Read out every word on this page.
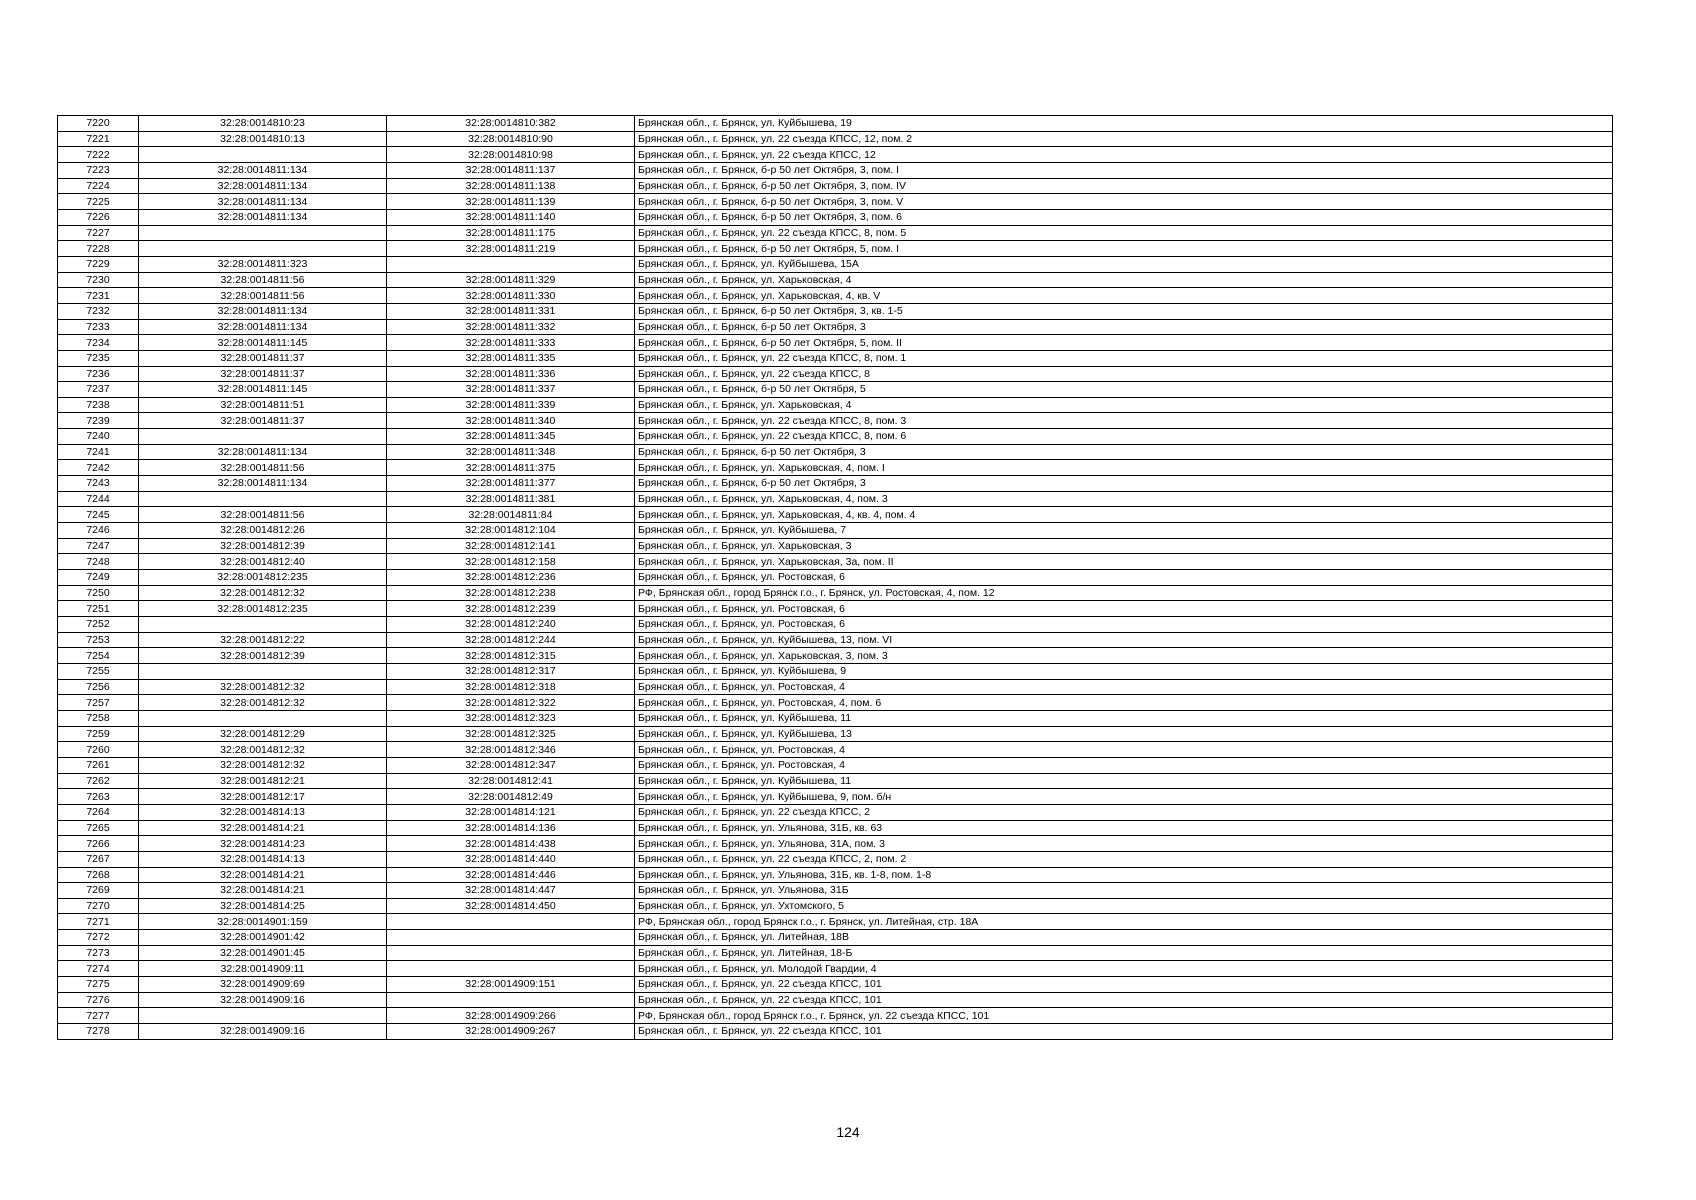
7220	32:28:0014810:23	32:28:0014810:382	Брянская обл., г. Брянск, ул. Куйбышева, 19
7221	32:28:0014810:13	32:28:0014810:90	Брянская обл., г. Брянск, ул. 22 съезда КПСС, 12, пом. 2
7222		32:28:0014810:98	Брянская обл., г. Брянск, ул. 22 съезда КПСС, 12
7223	32:28:0014811:134	32:28:0014811:137	Брянская обл., г. Брянск, б-р 50 лет Октября, 3, пом. I
7224	32:28:0014811:134	32:28:0014811:138	Брянская обл., г. Брянск, б-р 50 лет Октября, 3, пом. IV
7225	32:28:0014811:134	32:28:0014811:139	Брянская обл., г. Брянск, б-р 50 лет Октября, 3, пом. V
7226	32:28:0014811:134	32:28:0014811:140	Брянская обл., г. Брянск, б-р 50 лет Октября, 3, пом. 6
7227		32:28:0014811:175	Брянская обл., г. Брянск, ул. 22 съезда КПСС, 8, пом. 5
7228		32:28:0014811:219	Брянская обл., г. Брянск, б-р 50 лет Октября, 5, пом. I
7229	32:28:0014811:323		Брянская обл., г. Брянск, ул. Куйбышева, 15А
7230	32:28:0014811:56	32:28:0014811:329	Брянская обл., г. Брянск, ул. Харьковская, 4
7231	32:28:0014811:56	32:28:0014811:330	Брянская обл., г. Брянск, ул. Харьковская, 4, кв. V
7232	32:28:0014811:134	32:28:0014811:331	Брянская обл., г. Брянск, б-р 50 лет Октября, 3, кв. 1-5
7233	32:28:0014811:134	32:28:0014811:332	Брянская обл., г. Брянск, б-р 50 лет Октября, 3
7234	32:28:0014811:145	32:28:0014811:333	Брянская обл., г. Брянск, б-р 50 лет Октября, 5, пом. II
7235	32:28:0014811:37	32:28:0014811:335	Брянская обл., г. Брянск, ул. 22 съезда КПСС, 8, пом. 1
7236	32:28:0014811:37	32:28:0014811:336	Брянская обл., г. Брянск, ул. 22 съезда КПСС, 8
7237	32:28:0014811:145	32:28:0014811:337	Брянская обл., г. Брянск, б-р 50 лет Октября, 5
7238	32:28:0014811:51	32:28:0014811:339	Брянская обл., г. Брянск, ул. Харьковская, 4
7239	32:28:0014811:37	32:28:0014811:340	Брянская обл., г. Брянск, ул. 22 съезда КПСС, 8, пом. 3
7240		32:28:0014811:345	Брянская обл., г. Брянск, ул. 22 съезда КПСС, 8, пом. 6
7241	32:28:0014811:134	32:28:0014811:348	Брянская обл., г. Брянск, б-р 50 лет Октября, 3
7242	32:28:0014811:56	32:28:0014811:375	Брянская обл., г. Брянск, ул. Харьковская, 4, пом. I
7243	32:28:0014811:134	32:28:0014811:377	Брянская обл., г. Брянск, б-р 50 лет Октября, 3
7244		32:28:0014811:381	Брянская обл., г. Брянск, ул. Харьковская, 4, пом. 3
7245	32:28:0014811:56	32:28:0014811:84	Брянская обл., г. Брянск, ул. Харьковская, 4, кв. 4, пом. 4
7246	32:28:0014812:26	32:28:0014812:104	Брянская обл., г. Брянск, ул. Куйбышева, 7
7247	32:28:0014812:39	32:28:0014812:141	Брянская обл., г. Брянск, ул. Харьковская, 3
7248	32:28:0014812:40	32:28:0014812:158	Брянская обл., г. Брянск, ул. Харьковская, 3а, пом. II
7249	32:28:0014812:235	32:28:0014812:236	Брянская обл., г. Брянск, ул. Ростовская, 6
7250	32:28:0014812:32	32:28:0014812:238	РФ, Брянская обл., город Брянск г.о., г. Брянск, ул. Ростовская, 4, пом. 12
7251	32:28:0014812:235	32:28:0014812:239	Брянская обл., г. Брянск, ул. Ростовская, 6
7252		32:28:0014812:240	Брянская обл., г. Брянск, ул. Ростовская, 6
7253	32:28:0014812:22	32:28:0014812:244	Брянская обл., г. Брянск, ул. Куйбышева, 13, пом. VI
7254	32:28:0014812:39	32:28:0014812:315	Брянская обл., г. Брянск, ул. Харьковская, 3, пом. 3
7255		32:28:0014812:317	Брянская обл., г. Брянск, ул. Куйбышева, 9
7256	32:28:0014812:32	32:28:0014812:318	Брянская обл., г. Брянск, ул. Ростовская, 4
7257	32:28:0014812:32	32:28:0014812:322	Брянская обл., г. Брянск, ул. Ростовская, 4, пом. 6
7258		32:28:0014812:323	Брянская обл., г. Брянск, ул. Куйбышева, 11
7259	32:28:0014812:29	32:28:0014812:325	Брянская обл., г. Брянск, ул. Куйбышева, 13
7260	32:28:0014812:32	32:28:0014812:346	Брянская обл., г. Брянск, ул. Ростовская, 4
7261	32:28:0014812:32	32:28:0014812:347	Брянская обл., г. Брянск, ул. Ростовская, 4
7262	32:28:0014812:21	32:28:0014812:41	Брянская обл., г. Брянск, ул. Куйбышева, 11
7263	32:28:0014812:17	32:28:0014812:49	Брянская обл., г. Брянск, ул. Куйбышева, 9, пом. б/н
7264	32:28:0014814:13	32:28:0014814:121	Брянская обл., г. Брянск, ул. 22 съезда КПСС, 2
7265	32:28:0014814:21	32:28:0014814:136	Брянская обл., г. Брянск, ул. Ульянова, 31Б, кв. 63
7266	32:28:0014814:23	32:28:0014814:438	Брянская обл., г. Брянск, ул. Ульянова, 31А, пом. 3
7267	32:28:0014814:13	32:28:0014814:440	Брянская обл., г. Брянск, ул. 22 съезда КПСС, 2, пом. 2
7268	32:28:0014814:21	32:28:0014814:446	Брянская обл., г. Брянск, ул. Ульянова, 31Б, кв. 1-8, пом. 1-8
7269	32:28:0014814:21	32:28:0014814:447	Брянская обл., г. Брянск, ул. Ульянова, 31Б
7270	32:28:0014814:25	32:28:0014814:450	Брянская обл., г. Брянск, ул. Ухтомского, 5
7271	32:28:0014901:159		РФ, Брянская обл., город Брянск г.о., г. Брянск, ул. Литейная, стр. 18А
7272	32:28:0014901:42		Брянская обл., г. Брянск, ул. Литейная, 18В
7273	32:28:0014901:45		Брянская обл., г. Брянск, ул. Литейная, 18-Б
7274	32:28:0014909:11		Брянская обл., г. Брянск, ул. Молодой Гвардии, 4
7275	32:28:0014909:69	32:28:0014909:151	Брянская обл., г. Брянск, ул. 22 съезда КПСС, 101
7276	32:28:0014909:16		Брянская обл., г. Брянск, ул. 22 съезда КПСС, 101
7277		32:28:0014909:266	РФ, Брянская обл., город Брянск г.о., г. Брянск, ул. 22 съезда КПСС, 101
7278	32:28:0014909:16	32:28:0014909:267	Брянская обл., г. Брянск, ул. 22 съезда КПСС, 101
124
